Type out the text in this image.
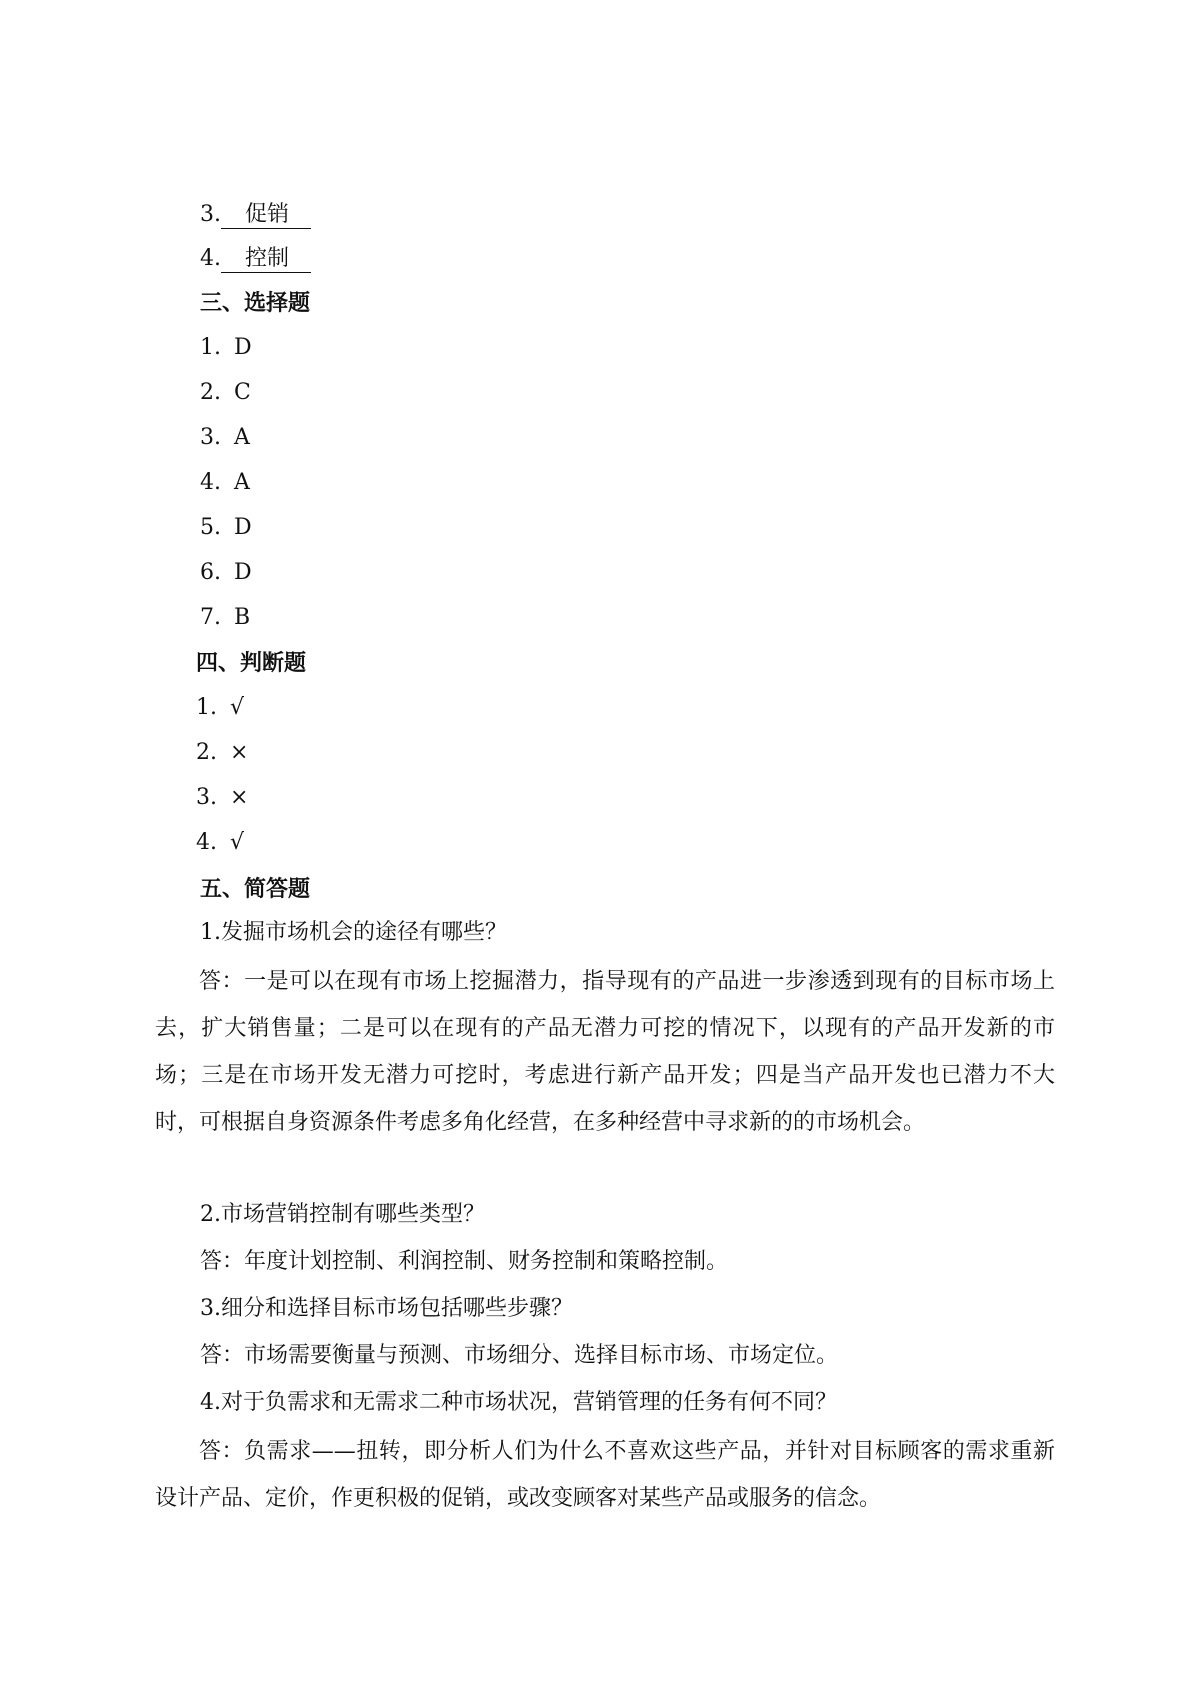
3. 促销
4. 控制
三、选择题
1. D
2. C
3. A
4. A
5. D
6. D
7. B
四、判断题
1. √
2. ×
3. ×
4. √
五、简答题
1.发掘市场机会的途径有哪些？
答：一是可以在现有市场上挖掘潜力，指导现有的产品进一步渗透到现有的目标市场上去，扩大销售量；二是可以在现有的产品无潜力可挖的情况下，以现有的产品开发新的市场；三是在市场开发无潜力可挖时，考虑进行新产品开发；四是当产品开发也已潜力不大时，可根据自身资源条件考虑多角化经营，在多种经营中寻求新的的市场机会。
2.市场营销控制有哪些类型？
答：年度计划控制、利润控制、财务控制和策略控制。
3.细分和选择目标市场包括哪些步骤？
答：市场需要衡量与预测、市场细分、选择目标市场、市场定位。
4.对于负需求和无需求二种市场状况，营销管理的任务有何不同？
答：负需求——扭转，即分析人们为什么不喜欢这些产品，并针对目标顾客的需求重新设计产品、定价，作更积极的促销，或改变顾客对某些产品或服务的信念。
